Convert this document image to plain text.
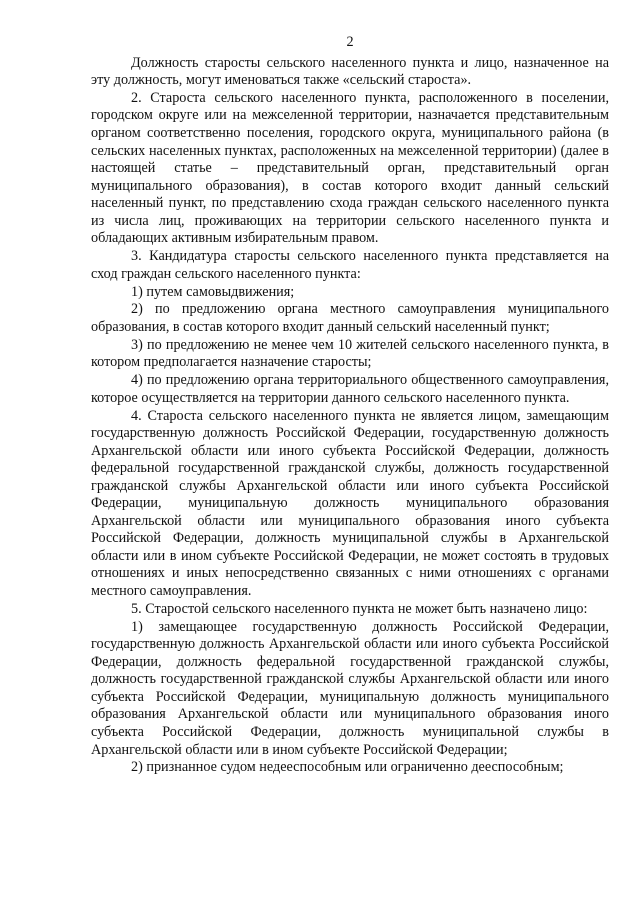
2

Должность старосты сельского населенного пункта и лицо, назначенное на эту должность, могут именоваться также «сельский староста».

2. Староста сельского населенного пункта, расположенного в поселении, городском округе или на межселенной территории, назначается представительным органом соответственно поселения, городского округа, муниципального района (в сельских населенных пунктах, расположенных на межселенной территории) (далее в настоящей статье – представительный орган, представительный орган муниципального образования), в состав которого входит данный сельский населенный пункт, по представлению схода граждан сельского населенного пункта из числа лиц, проживающих на территории сельского населенного пункта и обладающих активным избирательным правом.

3. Кандидатура старосты сельского населенного пункта представляется на сход граждан сельского населенного пункта:

1) путем самовыдвижения;

2) по предложению органа местного самоуправления муниципального образования, в состав которого входит данный сельский населенный пункт;

3) по предложению не менее чем 10 жителей сельского населенного пункта, в котором предполагается назначение старосты;

4) по предложению органа территориального общественного самоуправления, которое осуществляется на территории данного сельского населенного пункта.

4. Староста сельского населенного пункта не является лицом, замещающим государственную должность Российской Федерации, государственную должность Архангельской области или иного субъекта Российской Федерации, должность федеральной государственной гражданской службы, должность государственной гражданской службы Архангельской области или иного субъекта Российской Федерации, муниципальную должность муниципального образования Архангельской области или муниципального образования иного субъекта Российской Федерации, должность муниципальной службы в Архангельской области или в ином субъекте Российской Федерации, не может состоять в трудовых отношениях и иных непосредственно связанных с ними отношениях с органами местного самоуправления.

5. Старостой сельского населенного пункта не может быть назначено лицо:

1) замещающее государственную должность Российской Федерации, государственную должность Архангельской области или иного субъекта Российской Федерации, должность федеральной государственной гражданской службы, должность государственной гражданской службы Архангельской области или иного субъекта Российской Федерации, муниципальную должность муниципального образования Архангельской области или муниципального образования иного субъекта Российской Федерации, должность муниципальной службы в Архангельской области или в ином субъекте Российской Федерации;

2) признанное судом недееспособным или ограниченно дееспособным;
